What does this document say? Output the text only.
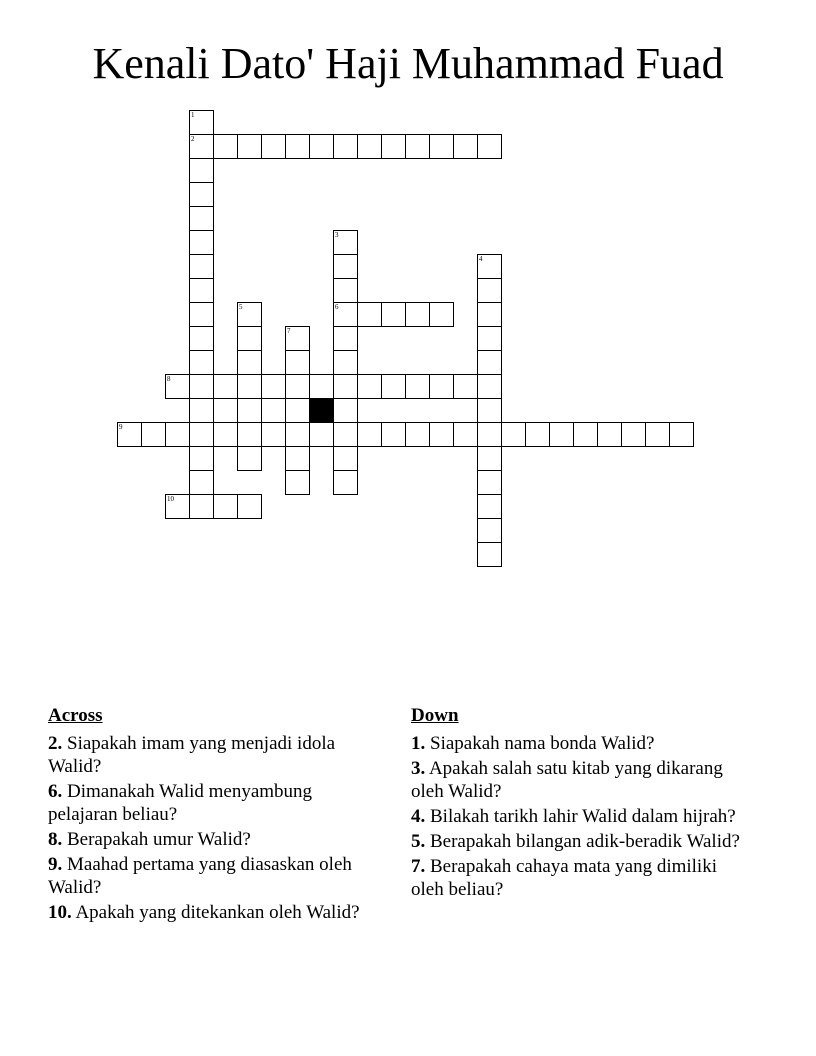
Kenali Dato' Haji Muhammad Fuad
2
6
8
9
10
1
3
4
5
7
Across
2. Siapakah imam yang menjadi idola Walid?
6. Dimanakah Walid menyambung pelajaran beliau?
8. Berapakah umur Walid?
9. Maahad pertama yang diasaskan oleh Walid?
10. Apakah yang ditekankan oleh Walid?
Down
1. Siapakah nama bonda Walid?
3. Apakah salah satu kitab yang dikarang oleh Walid?
4. Bilakah tarikh lahir Walid dalam hijrah?
5. Berapakah bilangan adik-beradik Walid?
7. Berapakah cahaya mata yang dimiliki oleh beliau?
